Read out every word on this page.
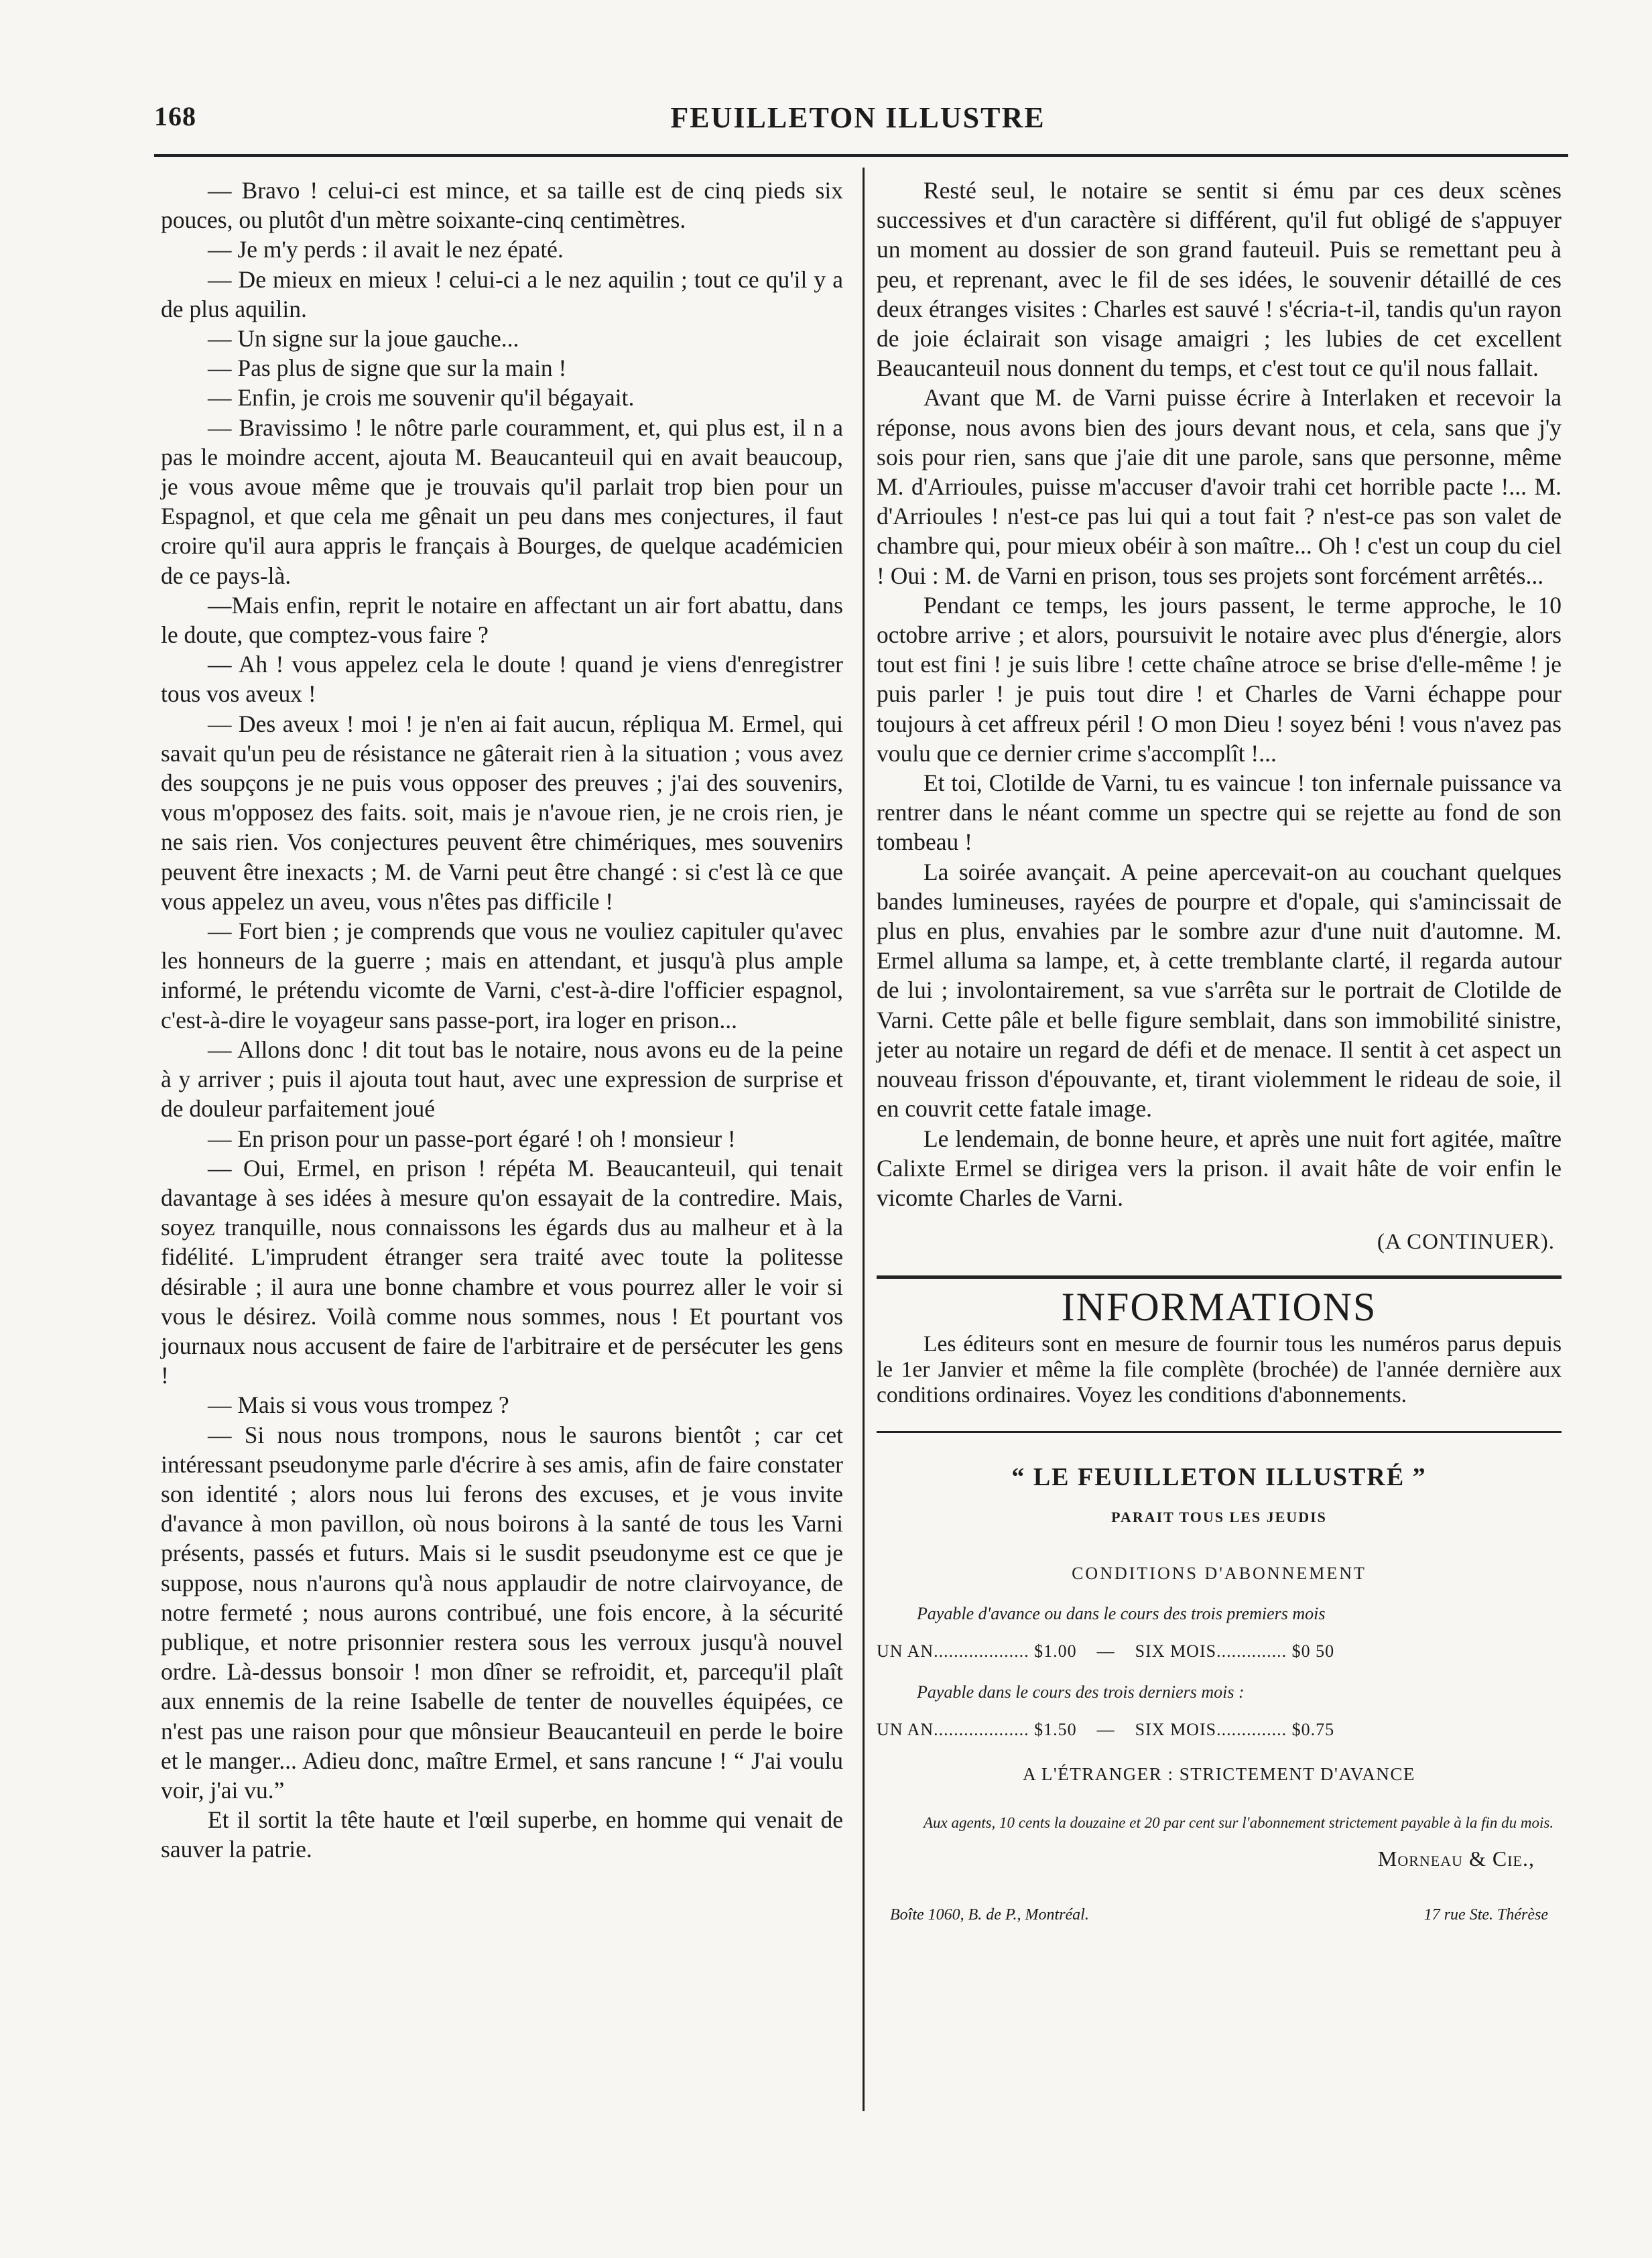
168	FEUILLETON ILLUSTRE

— Bravo ! celui-ci est mince, et sa taille est de cinq pieds six pouces, ou plutôt d'un mètre soixante-cinq centimètres.

— Je m'y perds : il avait le nez épaté.

— De mieux en mieux ! celui-ci a le nez aquilin ; tout ce qu'il y a de plus aquilin.

— Un signe sur la joue gauche...

— Pas plus de signe que sur la main !

— Enfin, je crois me souvenir qu'il bégayait.

— Bravissimo ! le nôtre parle couramment, et, qui plus est, il n a pas le moindre accent, ajouta M. Beaucanteuil qui en avait beaucoup, je vous avoue même que je trouvais qu'il parlait trop bien pour un Espagnol, et que cela me gênait un peu dans mes conjectures, il faut croire qu'il aura appris le français à Bourges, de quelque académicien de ce pays-là.

—Mais enfin, reprit le notaire en affectant un air fort abattu, dans le doute, que comptez-vous faire ?

— Ah ! vous appelez cela le doute ! quand je viens d'enregistrer tous vos aveux !

— Des aveux ! moi ! je n'en ai fait aucun, répliqua M. Ermel, qui savait qu'un peu de résistance ne gâterait rien à la situation ; vous avez des soupçons je ne puis vous opposer des preuves ; j'ai des souvenirs, vous m'opposez des faits. soit, mais je n'avoue rien, je ne crois rien, je ne sais rien. Vos conjectures peuvent être chimériques, mes souvenirs peuvent être inexacts ; M. de Varni peut être changé : si c'est là ce que vous appelez un aveu, vous n'êtes pas difficile !

— Fort bien ; je comprends que vous ne vouliez capituler qu'avec les honneurs de la guerre ; mais en attendant, et jusqu'à plus ample informé, le prétendu vicomte de Varni, c'est-à-dire l'officier espagnol, c'est-à-dire le voyageur sans passe-port, ira loger en prison...

— Allons donc ! dit tout bas le notaire, nous avons eu de la peine à y arriver ; puis il ajouta tout haut, avec une expression de surprise et de douleur parfaitement joué

— En prison pour un passe-port égaré ! oh ! monsieur !

— Oui, Ermel, en prison ! répéta M. Beaucanteuil, qui tenait davantage à ses idées à mesure qu'on essayait de la contredire. Mais, soyez tranquille, nous connaissons les égards dus au malheur et à la fidélité. L'imprudent étranger sera traité avec toute la politesse désirable ; il aura une bonne chambre et vous pourrez aller le voir si vous le désirez. Voilà comme nous sommes, nous ! Et pourtant vos journaux nous accusent de faire de l'arbitraire et de persécuter les gens !

— Mais si vous vous trompez ?

— Si nous nous trompons, nous le saurons bientôt ; car cet intéressant pseudonyme parle d'écrire à ses amis, afin de faire constater son identité ; alors nous lui ferons des excuses, et je vous invite d'avance à mon pavillon, où nous boirons à la santé de tous les Varni présents, passés et futurs. Mais si le susdit pseudonyme est ce que je suppose, nous n'aurons qu'à nous applaudir de notre clairvoyance, de notre fermeté ; nous aurons contribué, une fois encore, à la sécurité publique, et notre prisonnier restera sous les verroux jusqu'à nouvel ordre. Là-dessus bonsoir ! mon dîner se refroidit, et, parcequ'il plaît aux ennemis de la reine Isabelle de tenter de nouvelles équipées, ce n'est pas une raison pour que mônsieur Beaucanteuil en perde le boire et le manger... Adieu donc, maître Ermel, et sans rancune ! “ J'ai voulu voir, j'ai vu.”

Et il sortit la tête haute et l'œil superbe, en homme qui venait de sauver la patrie.

Resté seul, le notaire se sentit si ému par ces deux scènes successives et d'un caractère si différent, qu'il fut obligé de s'appuyer un moment au dossier de son grand fauteuil. Puis se remettant peu à peu, et reprenant, avec le fil de ses idées, le souvenir détaillé de ces deux étranges visites : Charles est sauvé ! s'écria-t-il, tandis qu'un rayon de joie éclairait son visage amaigri ; les lubies de cet excellent Beaucanteuil nous donnent du temps, et c'est tout ce qu'il nous fallait.

Avant que M. de Varni puisse écrire à Interlaken et recevoir la réponse, nous avons bien des jours devant nous, et cela, sans que j'y sois pour rien, sans que j'aie dit une parole, sans que personne, même M. d'Arrioules, puisse m'accuser d'avoir trahi cet horrible pacte !... M. d'Arrioules ! n'est-ce pas lui qui a tout fait ? n'est-ce pas son valet de chambre qui, pour mieux obéir à son maître... Oh ! c'est un coup du ciel ! Oui : M. de Varni en prison, tous ses projets sont forcément arrêtés...

Pendant ce temps, les jours passent, le terme approche, le 10 octobre arrive ; et alors, poursuivit le notaire avec plus d'énergie, alors tout est fini ! je suis libre ! cette chaîne atroce se brise d'elle-même ! je puis parler ! je puis tout dire ! et Charles de Varni échappe pour toujours à cet affreux péril ! O mon Dieu ! soyez béni ! vous n'avez pas voulu que ce dernier crime s'accomplît !...

Et toi, Clotilde de Varni, tu es vaincue ! ton infernale puissance va rentrer dans le néant comme un spectre qui se rejette au fond de son tombeau !

La soirée avançait. A peine apercevait-on au couchant quelques bandes lumineuses, rayées de pourpre et d'opale, qui s'amincissait de plus en plus, envahies par le sombre azur d'une nuit d'automne. M. Ermel alluma sa lampe, et, à cette tremblante clarté, il regarda autour de lui ; involontairement, sa vue s'arrêta sur le portrait de Clotilde de Varni. Cette pâle et belle figure semblait, dans son immobilité sinistre, jeter au notaire un regard de défi et de menace. Il sentit à cet aspect un nouveau frisson d'épouvante, et, tirant violemment le rideau de soie, il en couvrit cette fatale image.

Le lendemain, de bonne heure, et après une nuit fort agitée, maître Calixte Ermel se dirigea vers la prison. il avait hâte de voir enfin le vicomte Charles de Varni.

(A CONTINUER).
INFORMATIONS

Les éditeurs sont en mesure de fournir tous les numéros parus depuis le 1er Janvier et même la file complète (brochée) de l'année dernière aux conditions ordinaires. Voyez les conditions d'abonnements.

“ LE FEUILLETON ILLUSTRÉ ”
PARAIT TOUS LES JEUDIS
CONDITIONS D'ABONNEMENT
Payable d'avance ou dans le cours des trois premiers mois
UN AN................... $1.00 — SIX MOIS.............. $0 50
Payable dans le cours des trois derniers mois :
UN AN................... $1.50 — SIX MOIS.............. $0.75
A L'ÉTRANGER : STRICTEMENT D'AVANCE
Aux agents, 10 cents la douzaine et 20 par cent sur l'abonnement strictement payable à la fin du mois.
Morneau & Cie.,
Boîte 1060, B. de P., Montréal.	17 rue Ste. Thérèse
